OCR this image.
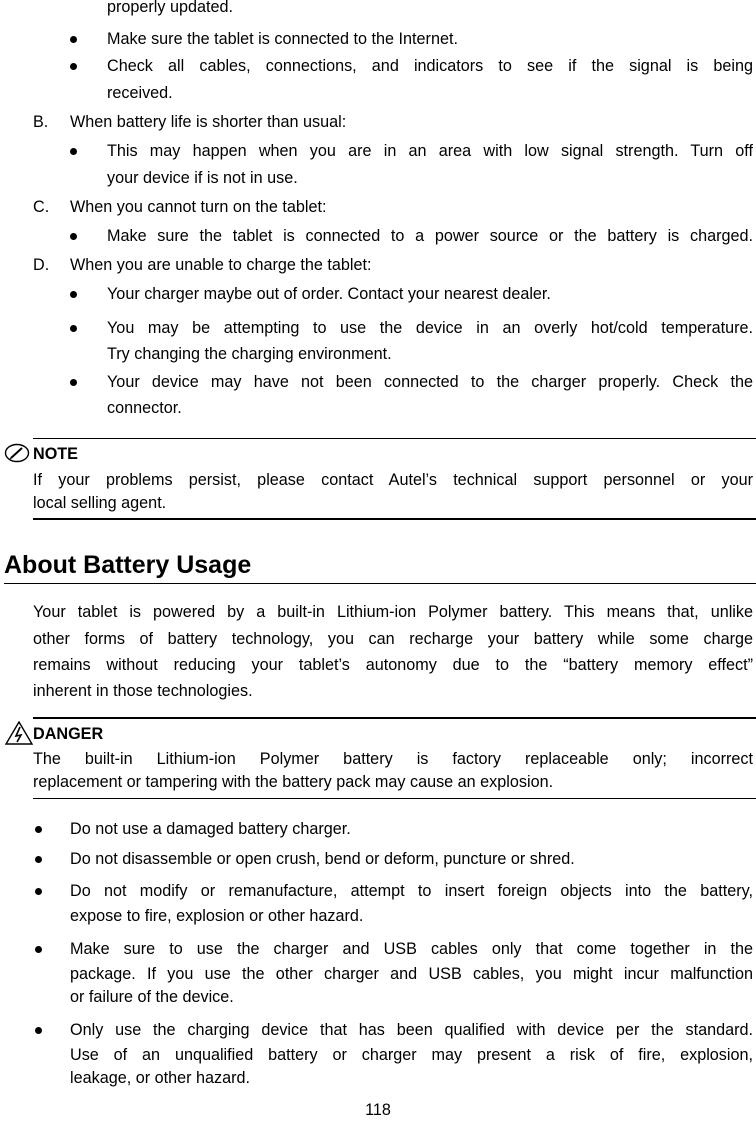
properly updated.
Make sure the tablet is connected to the Internet.
Check all cables, connections, and indicators to see if the signal is being
received.
B. When battery life is shorter than usual:
This may happen when you are in an area with low signal strength. Turn off
your device if is not in use.
C. When you cannot turn on the tablet:
Make sure the tablet is connected to a power source or the battery is charged.
D. When you are unable to charge the tablet:
Your charger maybe out of order. Contact your nearest dealer.
You may be attempting to use the device in an overly hot/cold temperature.
Try changing the charging environment.
Your device may have not been connected to the charger properly. Check the
connector.
NOTE
If your problems persist, please contact Autel’s technical support personnel or your
local selling agent.
About Battery Usage
Your tablet is powered by a built-in Lithium-ion Polymer battery. This means that, unlike
other forms of battery technology, you can recharge your battery while some charge
remains without reducing your tablet’s autonomy due to the “battery memory effect”
inherent in those technologies.
DANGER
The built-in Lithium-ion Polymer battery is factory replaceable only; incorrect
replacement or tampering with the battery pack may cause an explosion.
Do not use a damaged battery charger.
Do not disassemble or open crush, bend or deform, puncture or shred.
Do not modify or remanufacture, attempt to insert foreign objects into the battery,
expose to fire, explosion or other hazard.
Make sure to use the charger and USB cables only that come together in the
package. If you use the other charger and USB cables, you might incur malfunction
or failure of the device.
Only use the charging device that has been qualified with device per the standard.
Use of an unqualified battery or charger may present a risk of fire, explosion,
leakage, or other hazard.
118
